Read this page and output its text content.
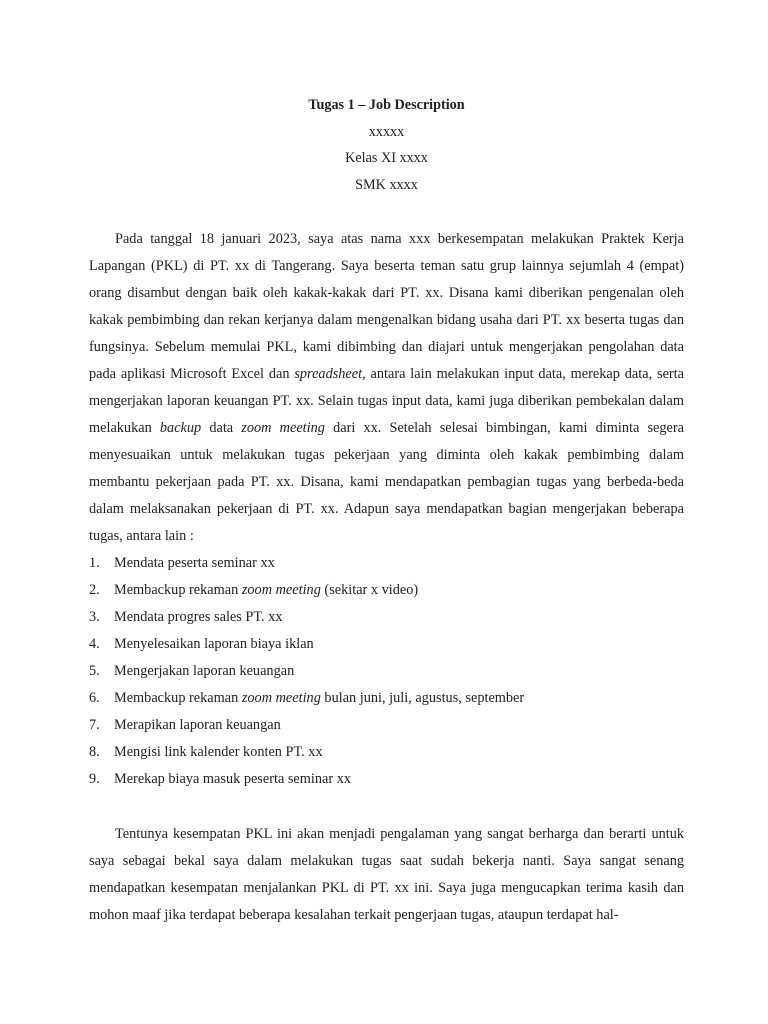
Tugas 1 – Job Description
xxxxx
Kelas XI xxxx
SMK xxxx
Pada tanggal 18 januari 2023, saya atas nama xxx berkesempatan melakukan Praktek Kerja Lapangan (PKL) di PT. xx di Tangerang. Saya beserta teman satu grup lainnya sejumlah 4 (empat) orang disambut dengan baik oleh kakak-kakak dari PT. xx. Disana kami diberikan pengenalan oleh kakak pembimbing dan rekan kerjanya dalam mengenalkan bidang usaha dari PT. xx beserta tugas dan fungsinya. Sebelum memulai PKL, kami dibimbing dan diajari untuk mengerjakan pengolahan data pada aplikasi Microsoft Excel dan spreadsheet, antara lain melakukan input data, merekap data, serta mengerjakan laporan keuangan PT. xx. Selain tugas input data, kami juga diberikan pembekalan dalam melakukan backup data zoom meeting dari xx. Setelah selesai bimbingan, kami diminta segera menyesuaikan untuk melakukan tugas pekerjaan yang diminta oleh kakak pembimbing dalam membantu pekerjaan pada PT. xx. Disana, kami mendapatkan pembagian tugas yang berbeda-beda dalam melaksanakan pekerjaan di PT. xx. Adapun saya mendapatkan bagian mengerjakan beberapa tugas, antara lain :
1. Mendata peserta seminar xx
2. Membackup rekaman zoom meeting (sekitar x video)
3. Mendata progres sales PT. xx
4. Menyelesaikan laporan biaya iklan
5. Mengerjakan laporan keuangan
6. Membackup rekaman zoom meeting bulan juni, juli, agustus, september
7. Merapikan laporan keuangan
8. Mengisi link kalender konten PT. xx
9. Merekap biaya masuk peserta seminar xx
Tentunya kesempatan PKL ini akan menjadi pengalaman yang sangat berharga dan berarti untuk saya sebagai bekal saya dalam melakukan tugas saat sudah bekerja nanti. Saya sangat senang mendapatkan kesempatan menjalankan PKL di PT. xx ini. Saya juga mengucapkan terima kasih dan mohon maaf jika terdapat beberapa kesalahan terkait pengerjaan tugas, ataupun terdapat hal-
